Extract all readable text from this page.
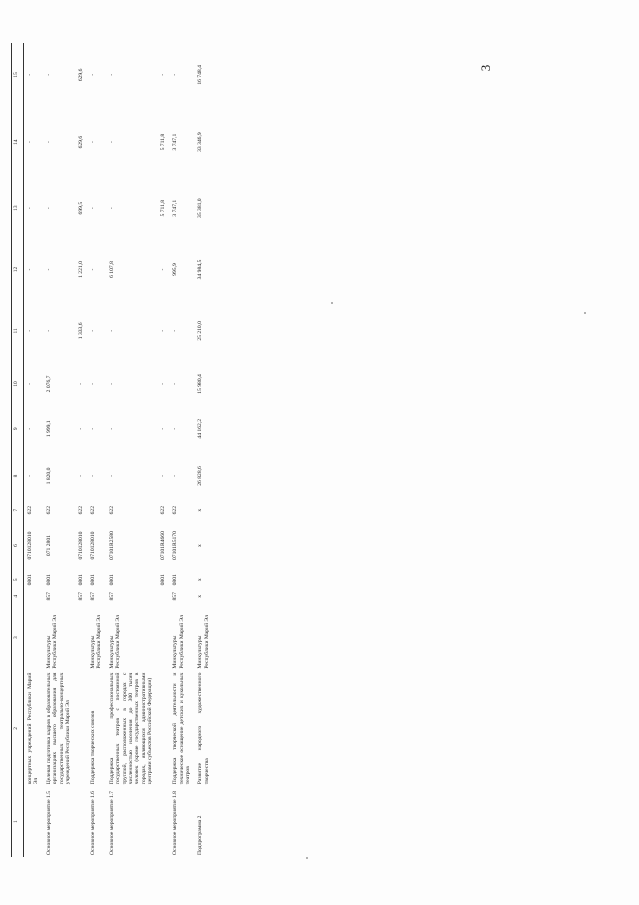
3
1	2	3	4	5	6	7	8	9	10	11	12	13	14	15
	концертных учреждений Республики Марий Эл			0801	0710128010	622	-	-	-	-	-	-	-	-
Основное мероприятие 1.5	Целевая подготовка кадров в образовательных организациях высшего образования для государственных театрально-концертных учреждений Республики Марий Эл	Минкультуры Республики Марий Эл	857	0801	071 2801	622	1 820,0	1 999,1	2 076,7	-	-	-	-	-
			857	0801	0710128010	622	-	-	-	1 333,6	1 221,0	699,5	629,6	629,6
Основное мероприятие 1.6	Поддержка творческих союзов	Минкультуры Республики Марий Эл	857	0801	0710128010	622	-	-	-	-	-	-	-	-
Основное мероприятие 1.7	Поддержка профессиональных государственных театров с постоянной труппой, расположенных в городах с численностью населения до 300 тысяч человек (кроме государственных театров в городах, являющихся административными центрами субъектов Российской Федерации)	Минкультуры Республики Марий Эл	857	0801	07101R2580	622	-	-	-	-	6 107,8	-	-	-
				0801	07101R4660	622	-	-	-	-	-	5 711,8	5 711,8	-
Основное мероприятие 1.8	Поддержка творческой деятельности и техническое оснащение детских и кукольных театров	Минкультуры Республики Марий Эл	857	0801	07101R5170	622	-	-	-	-	995,9	3 747,1	3 747,1	-
Подпрограмма 2	Развитие народного художественного творчества	Минкультуры Республики Марий Эл	x	x	x	x	26 828,6	44 162,2	15 980,4	25 210,0	34 984,5	35 381,0	33 346,9	16 748,4
